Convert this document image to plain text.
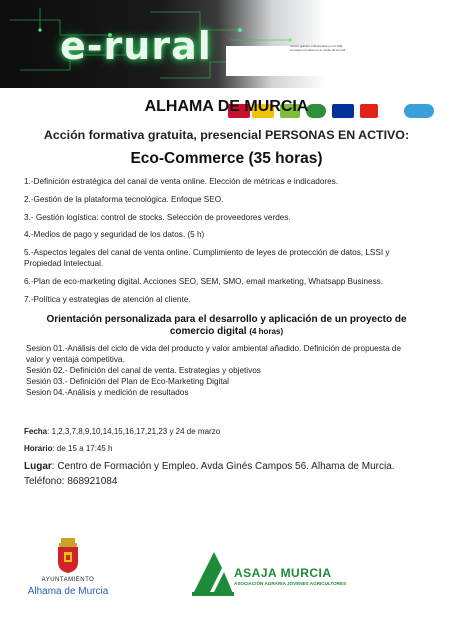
e-rural	Acción gratuita cofinanciada por el FSE Consigue formarte en el medio de la rural
ALHAMA DE MURCIA
Acción formativa gratuita, presencial PERSONAS EN ACTIVO:
Eco-Commerce (35 horas)
1.-Definición estratégica del canal de venta online. Elección de métricas e indicadores.
2.-Gestión de la plataforma tecnológica. Enfoque SEO.
3.- Gestión logística: control de stocks. Selección de proveedores verdes.
4.-Medios de pago y seguridad de los datos. (5 h)
5.-Aspectos legales del canal de venta online. Cumplimiento de leyes de protección de datos, LSSI y
Propiedad Intelectual.
6.-Plan de eco-marketing digital. Acciones SEO, SEM, SMO, email marketing, Whatsapp Business.
7.-Política y estrategias de atención al cliente.
Orientación personalizada para el desarrollo y aplicación de un proyecto de
comercio digital (4 horas)
Sesion 01.-Análisis del ciclo de vida del producto y valor ambiental añadido. Definición de propuesta de
valor y ventaja competitiva.
Sesión 02.- Definición del canal de venta. Estrategias y objetivos
Sesión 03.- Definición del Plan de Eco-Marketing Digital
Sesion 04.-Análisis y medición de resultados
Fecha: 1,2,3,7,8,9,10,14,15,16,17,21,23 y 24 de marzo
Horario: de 15 a 17:45 h
Lugar: Centro de Formación y Empleo. Avda Ginés Campos 56. Alhama de Murcia.
Teléfono: 868921084
AYUNTAMIENTO
Alhama de Murcia
ASAJA MURCIA
ASOCIACIÓN AGRARIA JÓVENES AGRICULTORES
